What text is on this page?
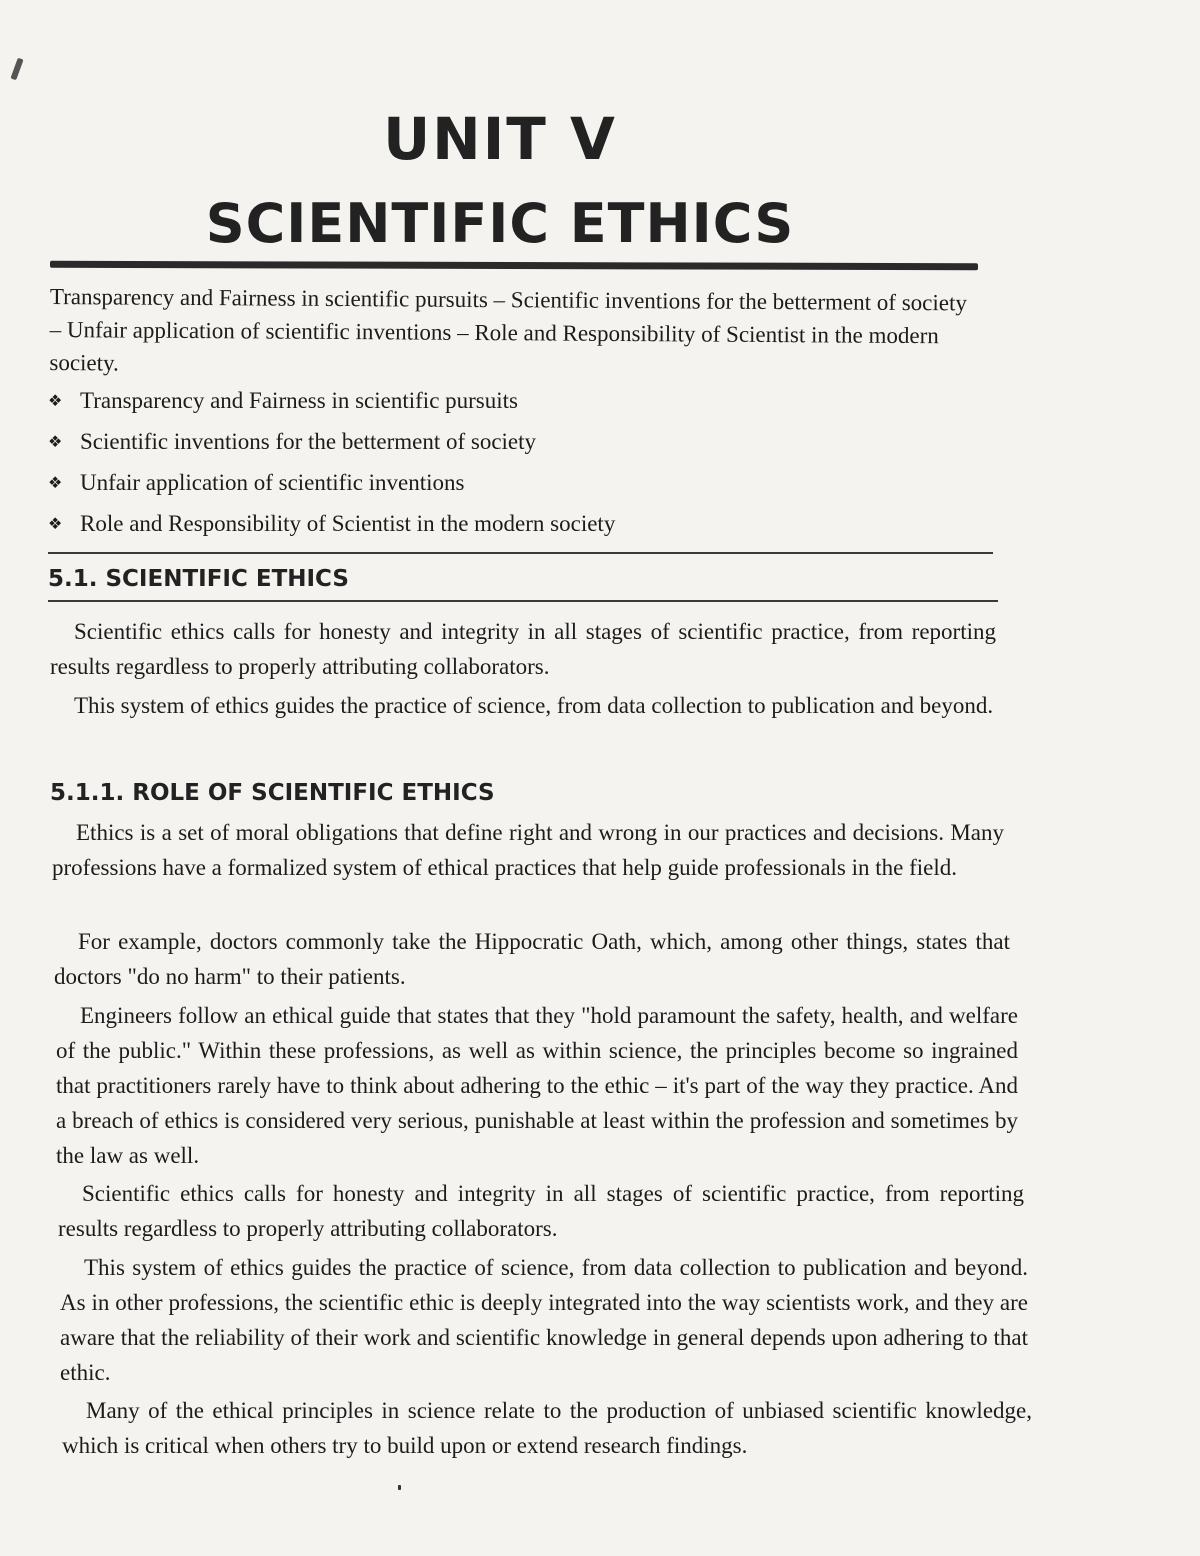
UNIT V
SCIENTIFIC ETHICS

Transparency and Fairness in scientific pursuits – Scientific inventions for the betterment of society – Unfair application of scientific inventions – Role and Responsibility of Scientist in the modern society.

❖ Transparency and Fairness in scientific pursuits
❖ Scientific inventions for the betterment of society
❖ Unfair application of scientific inventions
❖ Role and Responsibility of Scientist in the modern society
5.1. SCIENTIFIC ETHICS

Scientific ethics calls for honesty and integrity in all stages of scientific practice, from reporting results regardless to properly attributing collaborators.

This system of ethics guides the practice of science, from data collection to publication and beyond.

5.1.1. ROLE OF SCIENTIFIC ETHICS

Ethics is a set of moral obligations that define right and wrong in our practices and decisions. Many professions have a formalized system of ethical practices that help guide professionals in the field.

For example, doctors commonly take the Hippocratic Oath, which, among other things, states that doctors "do no harm" to their patients.

Engineers follow an ethical guide that states that they "hold paramount the safety, health, and welfare of the public." Within these professions, as well as within science, the principles become so ingrained that practitioners rarely have to think about adhering to the ethic – it's part of the way they practice. And a breach of ethics is considered very serious, punishable at least within the profession and sometimes by the law as well.

Scientific ethics calls for honesty and integrity in all stages of scientific practice, from reporting results regardless to properly attributing collaborators.

This system of ethics guides the practice of science, from data collection to publication and beyond. As in other professions, the scientific ethic is deeply integrated into the way scientists work, and they are aware that the reliability of their work and scientific knowledge in general depends upon adhering to that ethic.

Many of the ethical principles in science relate to the production of unbiased scientific knowledge, which is critical when others try to build upon or extend research findings.
